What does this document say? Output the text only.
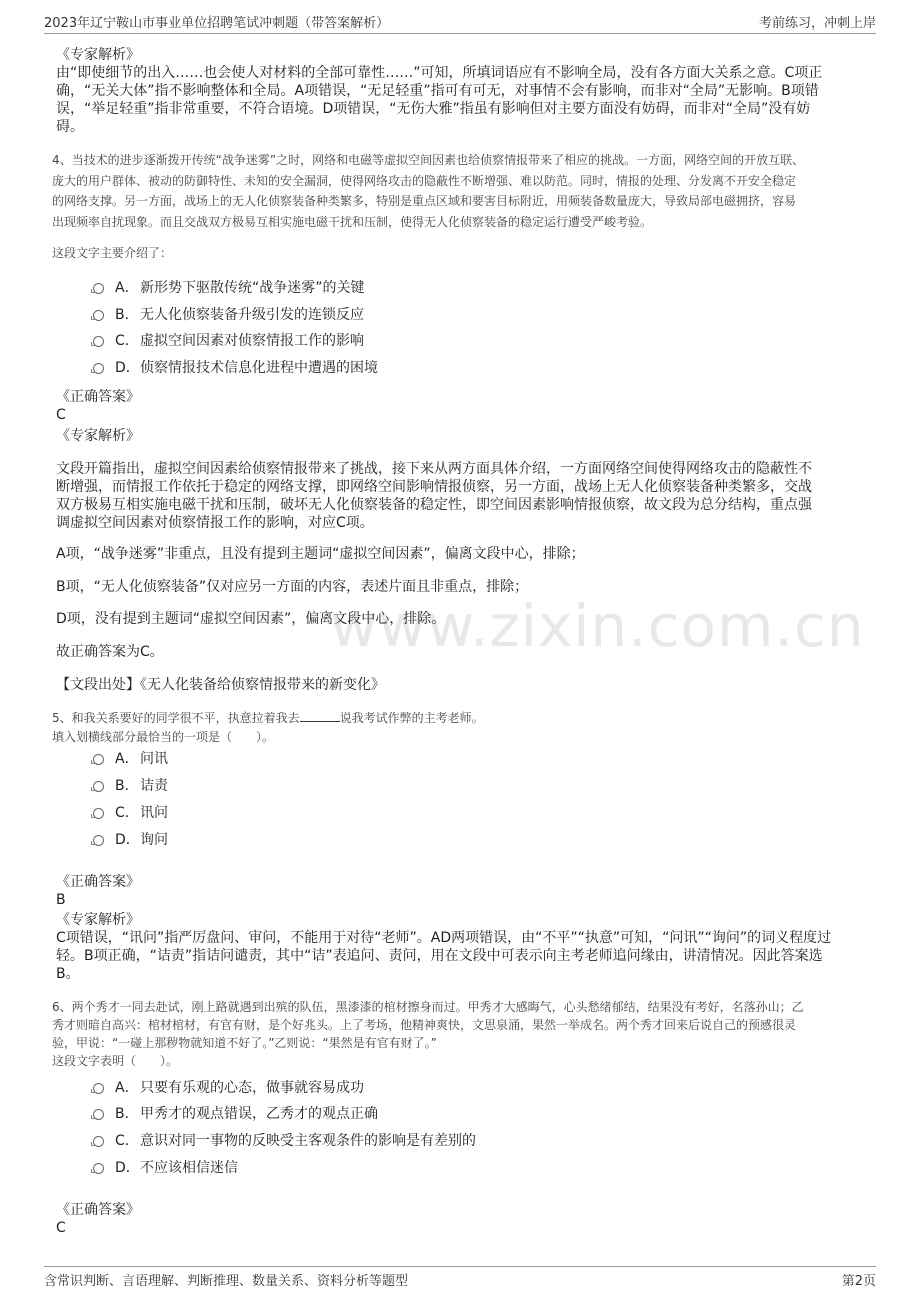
2023年辽宁鞍山市事业单位招聘笔试冲刺题（带答案解析）	考前练习，冲刺上岸
www.zixin.com.cn
《专家解析》
由“即使细节的出入……也会使人对材料的全部可靠性……”可知，所填词语应有不影响全局，没有各方面大关系之意。C项正
确，“无关大体”指不影响整体和全局。A项错误，“无足轻重”指可有可无，对事情不会有影响，而非对“全局”无影响。B项错
误，“举足轻重”指非常重要，不符合语境。D项错误，“无伤大雅”指虽有影响但对主要方面没有妨碍，而非对“全局”没有妨
碍。
4、当技术的进步逐渐拨开传统“战争迷雾”之时，网络和电磁等虚拟空间因素也给侦察情报带来了相应的挑战。一方面，网络空间的开放互联、
庞大的用户群体、被动的防御特性、未知的安全漏洞，使得网络攻击的隐蔽性不断增强、难以防范。同时，情报的处理、分发离不开安全稳定
的网络支撑。另一方面，战场上的无人化侦察装备种类繁多，特别是重点区域和要害目标附近，用频装备数量庞大，导致局部电磁拥挤，容易
出现频率自扰现象。而且交战双方极易互相实施电磁干扰和压制，使得无人化侦察装备的稳定运行遭受严峻考验。
这段文字主要介绍了：
A． 新形势下驱散传统“战争迷雾”的关键
B． 无人化侦察装备升级引发的连锁反应
C． 虚拟空间因素对侦察情报工作的影响
D． 侦察情报技术信息化进程中遭遇的困境
《正确答案》
C
《专家解析》
文段开篇指出，虚拟空间因素给侦察情报带来了挑战，接下来从两方面具体介绍，一方面网络空间使得网络攻击的隐蔽性不
断增强，而情报工作依托于稳定的网络支撑，即网络空间影响情报侦察，另一方面，战场上无人化侦察装备种类繁多，交战
双方极易互相实施电磁干扰和压制，破坏无人化侦察装备的稳定性，即空间因素影响情报侦察，故文段为总分结构，重点强
调虚拟空间因素对侦察情报工作的影响，对应C项。
A项，“战争迷雾”非重点，且没有提到主题词“虚拟空间因素”，偏离文段中心，排除；
B项，“无人化侦察装备”仅对应另一方面的内容，表述片面且非重点，排除；
D项，没有提到主题词“虚拟空间因素”，偏离文段中心，排除。
故正确答案为C。
【文段出处】《无人化装备给侦察情报带来的新变化》
5、和我关系要好的同学很不平，执意拉着我去	说我考试作弊的主考老师。
填入划横线部分最恰当的一项是（　　）。
A． 问讯
B． 诘责
C． 讯问
D． 询问
《正确答案》
B
《专家解析》
C项错误，“讯问”指严厉盘问、审问，不能用于对待“老师”。AD两项错误，由“不平”“执意”可知，“问讯”“询问”的词义程度过
轻。B项正确，“诘责”指诘问谴责，其中“诘”表追问、责问，用在文段中可表示向主考老师追问缘由，讲清情况。因此答案选
B。
6、两个秀才一同去赴试，刚上路就遇到出殡的队伍，黑漆漆的棺材擦身而过。甲秀才大感晦气，心头愁绪郁结，结果没有考好，名落孙山；乙
秀才则暗自高兴：棺材棺材，有官有财，是个好兆头。上了考场，他精神爽快，文思泉涌，果然一举成名。两个秀才回来后说自己的预感很灵
验，甲说：“一碰上那秽物就知道不好了。”乙则说：“果然是有官有财了。”
这段文字表明（　　）。
A． 只要有乐观的心态，做事就容易成功
B． 甲秀才的观点错误，乙秀才的观点正确
C． 意识对同一事物的反映受主客观条件的影响是有差别的
D． 不应该相信迷信
《正确答案》
C
含常识判断、言语理解、判断推理、数量关系、资料分析等题型	第2页
